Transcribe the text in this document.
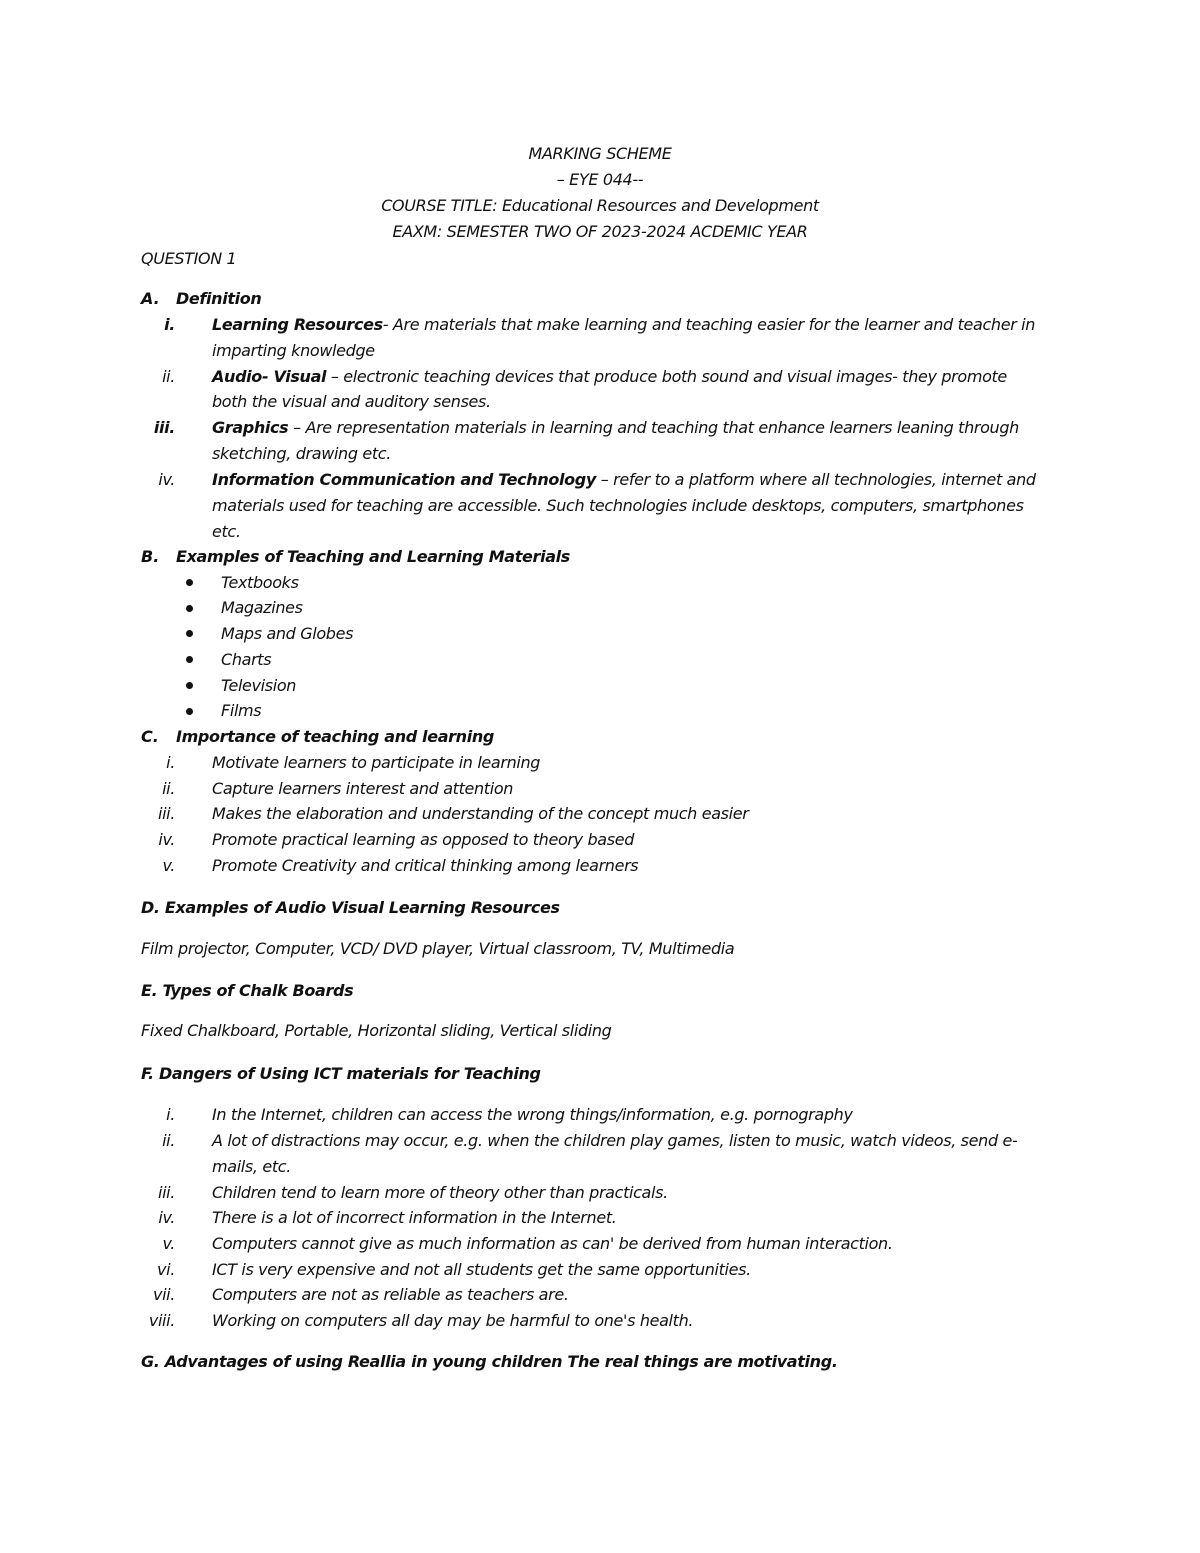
MARKING SCHEME

– EYE 044--

COURSE TITLE: Educational Resources and Development

EAXM: SEMESTER TWO OF 2023-2024 ACDEMIC YEAR

QUESTION 1

A. Definition

i. Learning Resources- Are materials that make learning and teaching easier for the learner and teacher in

imparting knowledge

ii. Audio- Visual – electronic teaching devices that produce both sound and visual images- they promote

both the visual and auditory senses.

iii. Graphics – Are representation materials in learning and teaching that enhance learners leaning through

sketching, drawing etc.

iv. Information Communication and Technology – refer to a platform where all technologies, internet and

materials used for teaching are accessible. Such technologies include desktops, computers, smartphones

etc.

B. Examples of Teaching and Learning Materials

Textbooks

Magazines

Maps and Globes

Charts

Television

Films

C. Importance of teaching and learning

i. Motivate learners to participate in learning

ii. Capture learners interest and attention

iii. Makes the elaboration and understanding of the concept much easier

iv. Promote practical learning as opposed to theory based

v. Promote Creativity and critical thinking among learners

D. Examples of Audio Visual Learning Resources

Film projector, Computer, VCD/ DVD player, Virtual classroom, TV, Multimedia

E. Types of Chalk Boards

Fixed Chalkboard, Portable, Horizontal sliding, Vertical sliding

F. Dangers of Using ICT materials for Teaching

i. In the Internet, children can access the wrong things/information, e.g. pornography

ii. A lot of distractions may occur, e.g. when the children play games, listen to music, watch videos, send e-

mails, etc.

iii. Children tend to learn more of theory other than practicals.

iv. There is a lot of incorrect information in the Internet.

v. Computers cannot give as much information as can' be derived from human interaction.

vi. ICT is very expensive and not all students get the same opportunities.

vii. Computers are not as reliable as teachers are.

viii. Working on computers all day may be harmful to one's health.

G. Advantages of using Reallia in young children The real things are motivating.
